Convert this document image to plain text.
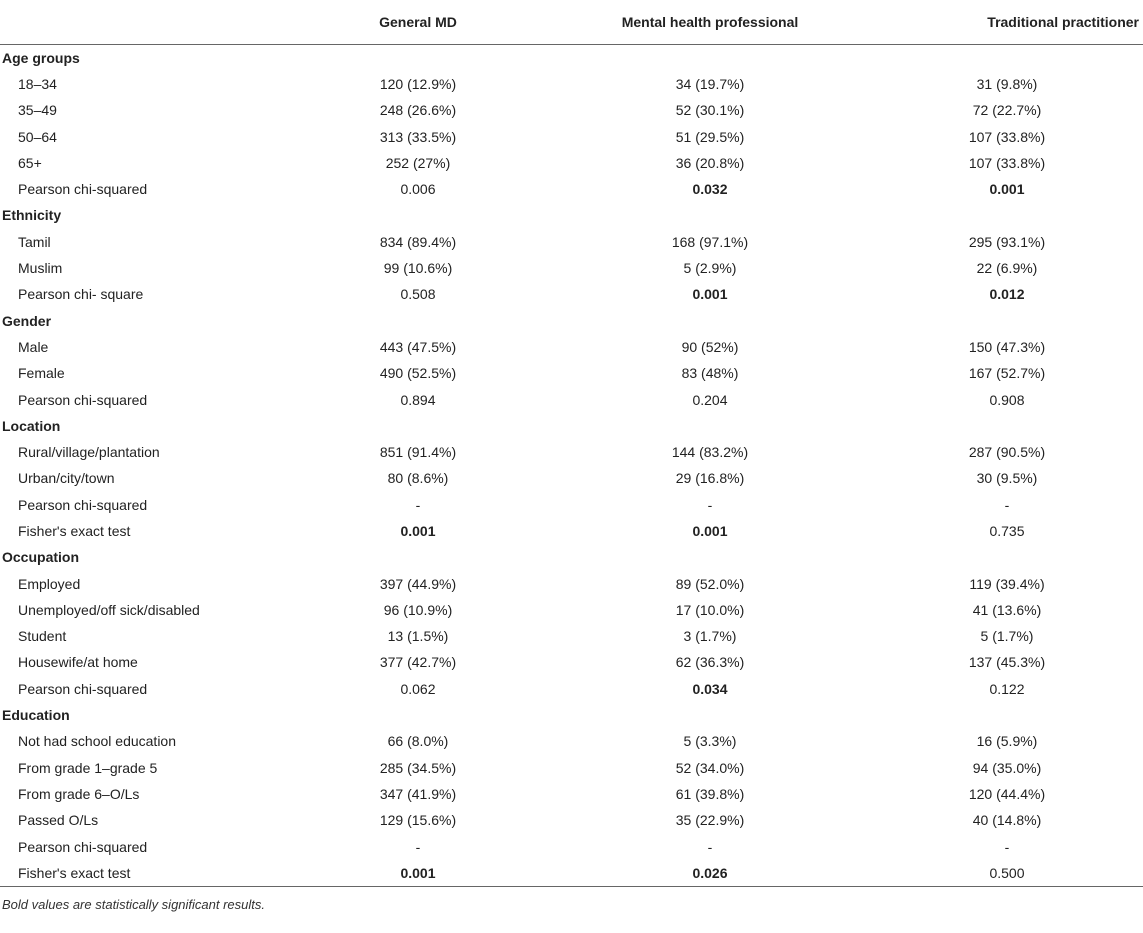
	General MD	Mental health professional	Traditional practitioner
Age groups			
18–34	120 (12.9%)	34 (19.7%)	31 (9.8%)
35–49	248 (26.6%)	52 (30.1%)	72 (22.7%)
50–64	313 (33.5%)	51 (29.5%)	107 (33.8%)
65+	252 (27%)	36 (20.8%)	107 (33.8%)
Pearson chi-squared	0.006	0.032	0.001
Ethnicity			
Tamil	834 (89.4%)	168 (97.1%)	295 (93.1%)
Muslim	99 (10.6%)	5 (2.9%)	22 (6.9%)
Pearson chi- square	0.508	0.001	0.012
Gender			
Male	443 (47.5%)	90 (52%)	150 (47.3%)
Female	490 (52.5%)	83 (48%)	167 (52.7%)
Pearson chi-squared	0.894	0.204	0.908
Location			
Rural/village/plantation	851 (91.4%)	144 (83.2%)	287 (90.5%)
Urban/city/town	80 (8.6%)	29 (16.8%)	30 (9.5%)
Pearson chi-squared	-	-	-
Fisher's exact test	0.001	0.001	0.735
Occupation			
Employed	397 (44.9%)	89 (52.0%)	119 (39.4%)
Unemployed/off sick/disabled	96 (10.9%)	17 (10.0%)	41 (13.6%)
Student	13 (1.5%)	3 (1.7%)	5 (1.7%)
Housewife/at home	377 (42.7%)	62 (36.3%)	137 (45.3%)
Pearson chi-squared	0.062	0.034	0.122
Education			
Not had school education	66 (8.0%)	5 (3.3%)	16 (5.9%)
From grade 1–grade 5	285 (34.5%)	52 (34.0%)	94 (35.0%)
From grade 6–O/Ls	347 (41.9%)	61 (39.8%)	120 (44.4%)
Passed O/Ls	129 (15.6%)	35 (22.9%)	40 (14.8%)
Pearson chi-squared	-	-	-
Fisher's exact test	0.001	0.026	0.500
Bold values are statistically significant results.
